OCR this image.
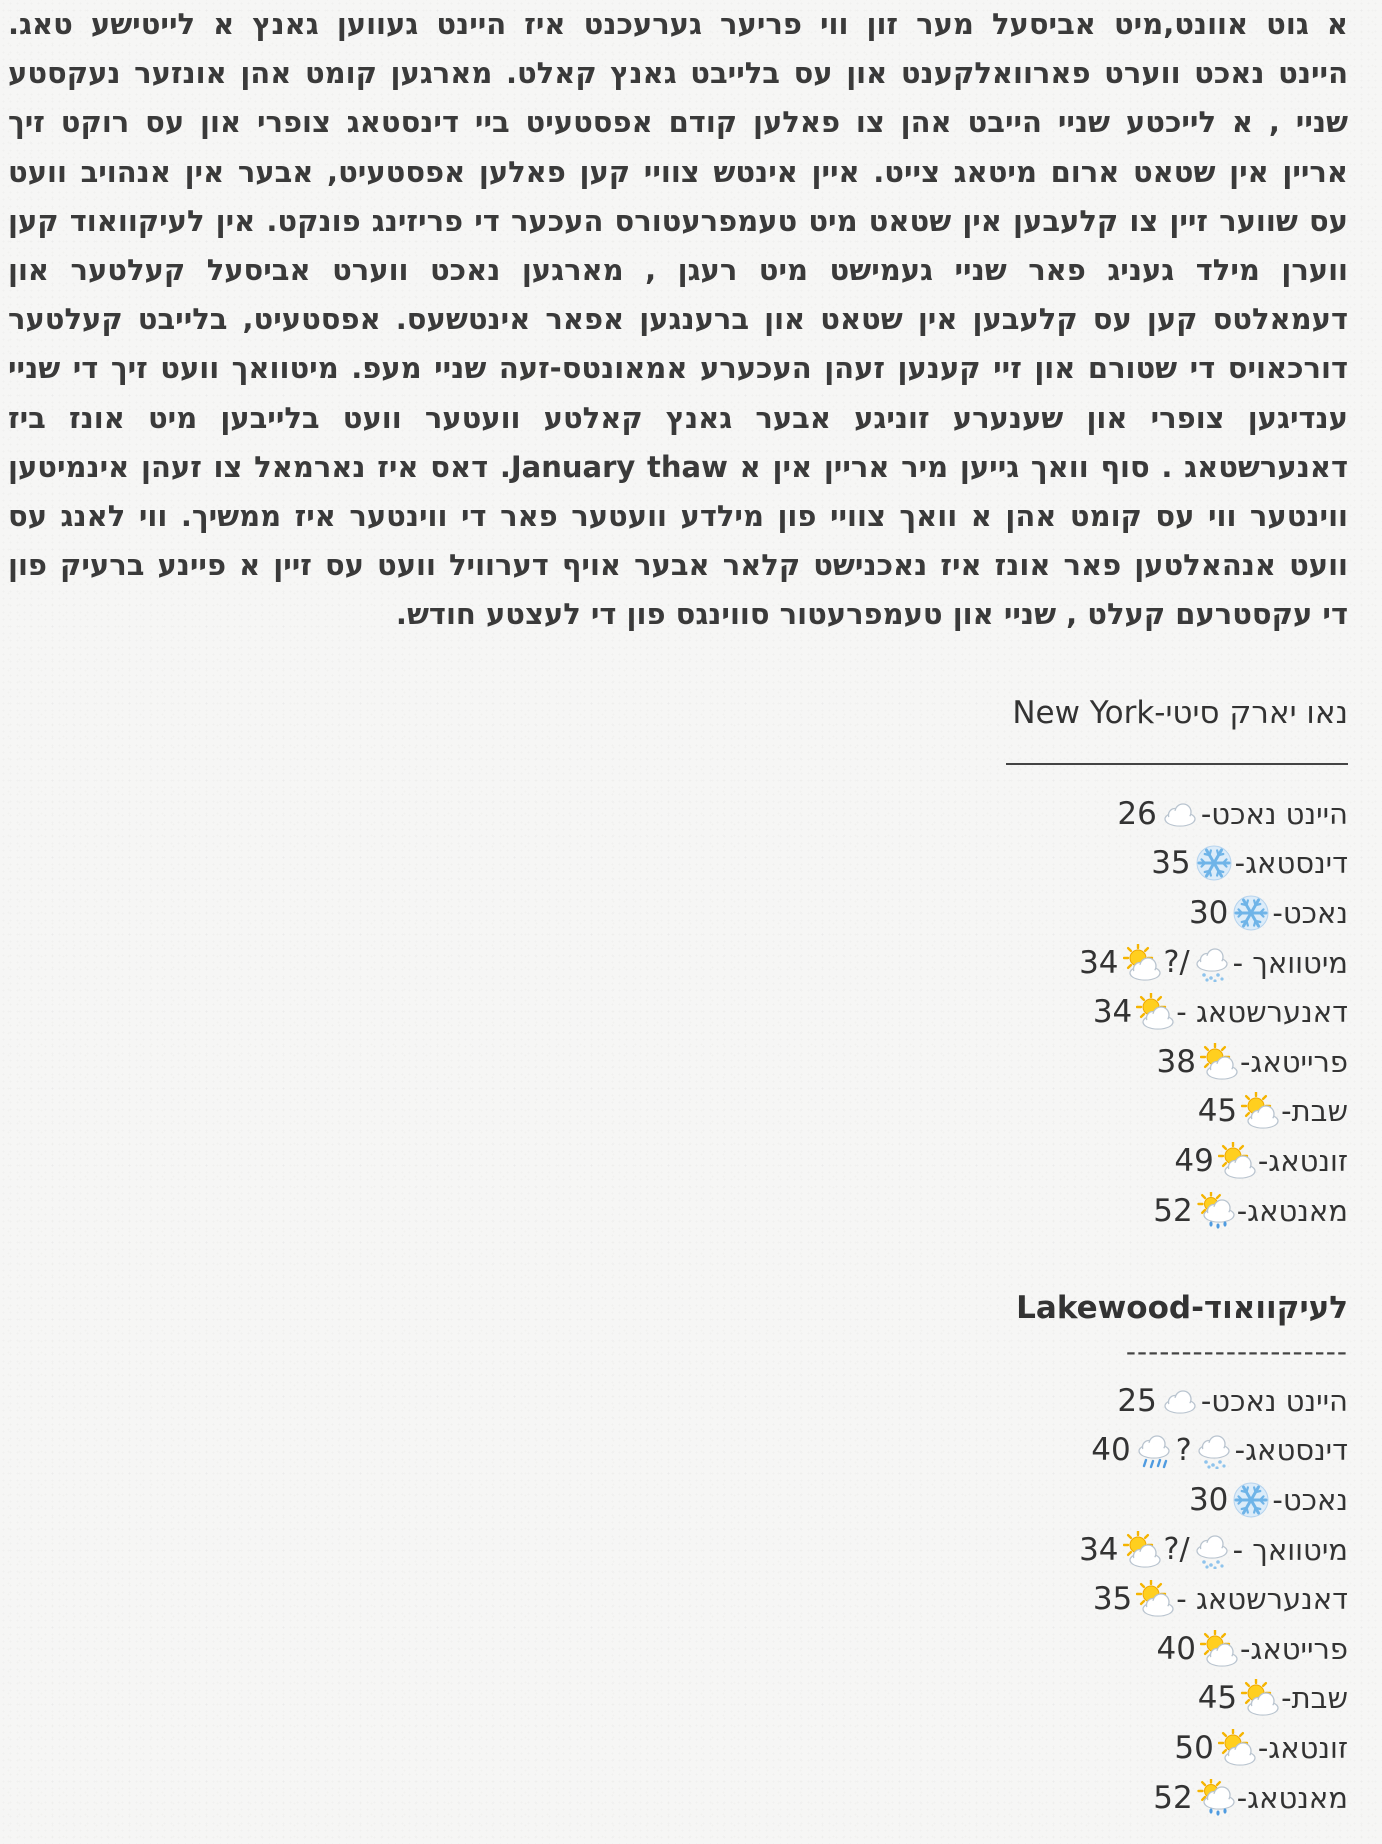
א גוט אוונט,מיט אביסעל מער זון ווי פריער גערעכנט איז היינט געווען גאנץ א לייטישע טאג.
היינט נאכט ווערט פארוואלקענט און עס בלייבט גאנץ קאלט. מארגען קומט אהן אונזער נעקסטע
שניי , א לייכטע שניי הייבט אהן צו פאלען קודם אפסטעיט ביי דינסטאג צופרי און עס רוקט זיך
אריין אין שטאט ארום מיטאג צייט. איין אינטש צוויי קען פאלען אפסטעיט, אבער אין אנהויב וועט
עס שווער זיין צו קלעבען אין שטאט מיט טעמפרעטורס העכער די פריזינג פונקט. אין לעיקוואוד קען
ווערן מילד געניג פאר שניי געמישט מיט רעגן , מארגען נאכט ווערט אביסעל קעלטער און
דעמאלטס קען עס קלעבען אין שטאט און ברענגען אפאר אינטשעס. אפסטעיט, בלייבט קעלטער
דורכאויס די שטורם און זיי קענען זעהן העכערע אמאונטס-זעה שניי מעפ. מיטוואך וועט זיך די שניי
ענדיגען צופרי און שענערע זוניגע אבער גאנץ קאלטע וועטער וועט בלייבען מיט אונז ביז
דאנערשטאג . סוף וואך גייען מיר אריין אין א January thaw. דאס איז נארמאל צו זעהן אינמיטען
ווינטער ווי עס קומט אהן א וואך צוויי פון מילדע וועטער פאר די ווינטער איז ממשיך. ווי לאנג עס
וועט אנהאלטען פאר אונז איז נאכנישט קלאר אבער אויף דערוויל וועט עס זיין א פיינע ברעיק פון
די עקסטרעם קעלט , שניי און טעמפרעטור סווינגס פון די לעצטע חודש.
נאו יארק סיטי-New York
היינט נאכט-
26
דינסטאג-
35
נאכט-
30
מיטוואך -
?/
34
דאנערשטאג -
34
פרייטאג-
38
שבת-
45
זונטאג-
49
מאנטאג-
52
לעיקוואוד-Lakewood
--------------------
היינט נאכט-
25
דינסטאג-
?
40
נאכט-
30
מיטוואך -
?/
34
דאנערשטאג -
35
פרייטאג-
40
שבת-
45
זונטאג-
50
מאנטאג-
52
